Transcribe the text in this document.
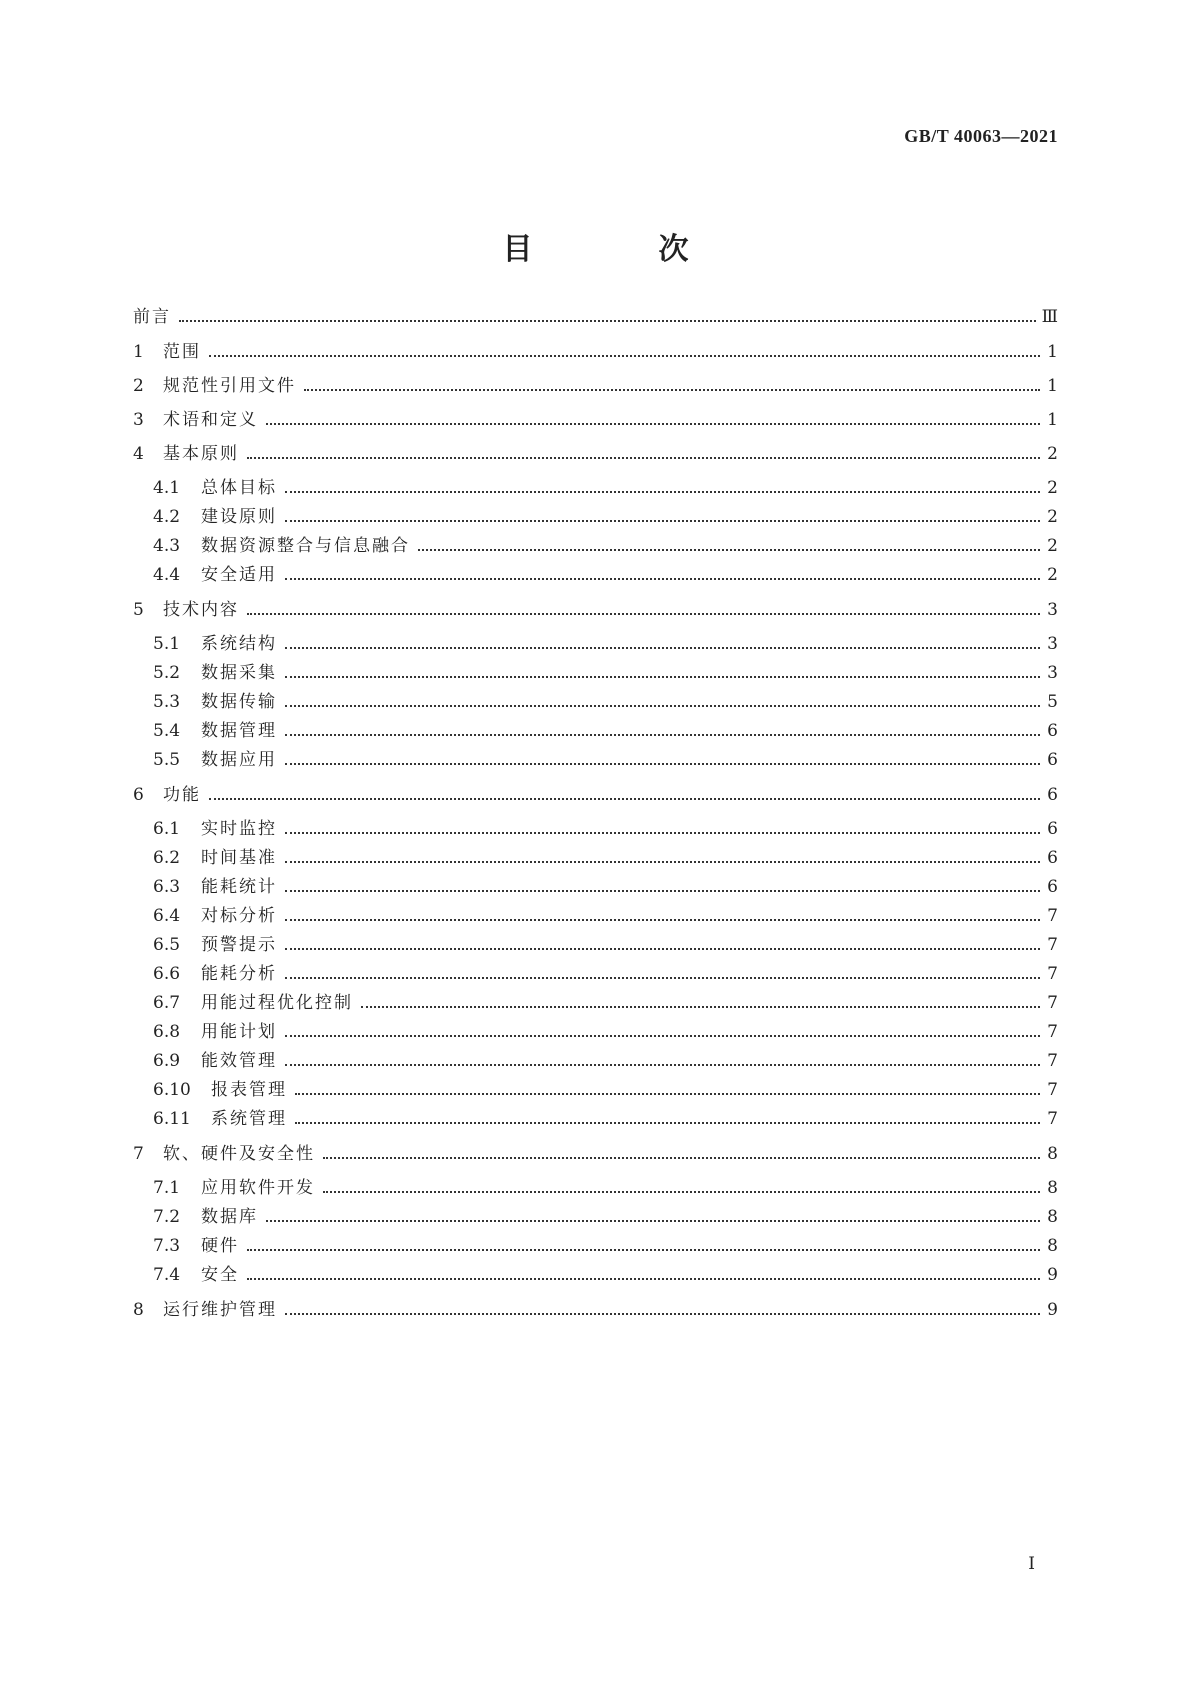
GB/T 40063—2021
目　次
前言	Ⅲ
1	范围	1
2	规范性引用文件	1
3	术语和定义	1
4	基本原则	2
4.1	总体目标	2
4.2	建设原则	2
4.3	数据资源整合与信息融合	2
4.4	安全适用	2
5	技术内容	3
5.1	系统结构	3
5.2	数据采集	3
5.3	数据传输	5
5.4	数据管理	6
5.5	数据应用	6
6	功能	6
6.1	实时监控	6
6.2	时间基准	6
6.3	能耗统计	6
6.4	对标分析	7
6.5	预警提示	7
6.6	能耗分析	7
6.7	用能过程优化控制	7
6.8	用能计划	7
6.9	能效管理	7
6.10	报表管理	7
6.11	系统管理	7
7	软、硬件及安全性	8
7.1	应用软件开发	8
7.2	数据库	8
7.3	硬件	8
7.4	安全	9
8	运行维护管理	9
I
